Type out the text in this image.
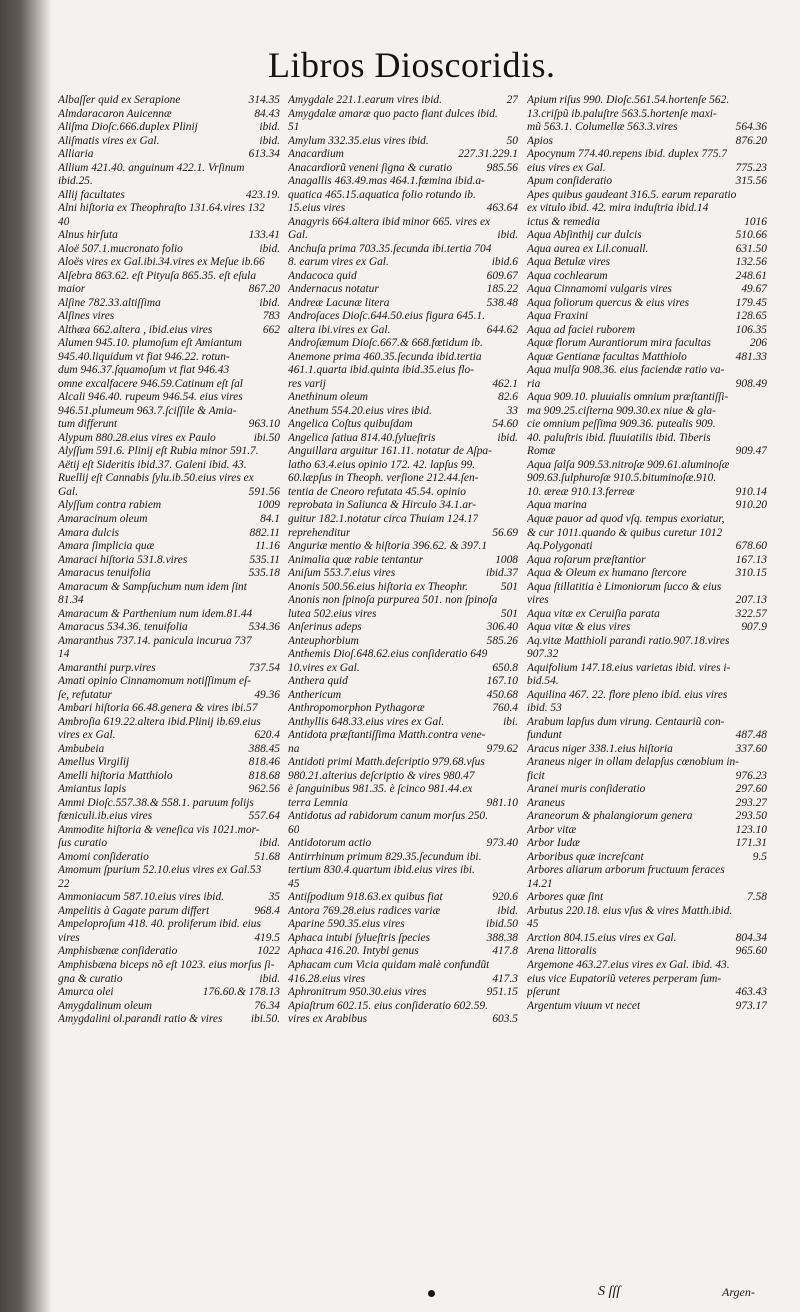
Libros Dioscoridis.
Albaſſer quid ex Serapione	314.35
Almdaracaron Auicennæ	84.43
Aliſma Dioſc.666.duplex Plinij	ibid.
Aliſmatis vires ex Gal.	ibid.
Alliaria	613.34
Allium 421.40. anguinum 422.1. Vrſinum
ibid.25.
Allij facultates	423.19.
Alni hiſtoria ex Theophraſto 131.64.vires 132
40
Alnus hirſuta	133.41
Aloë 507.1.mucronato folio	ibid.
Aloës vires ex Gal.ibi.34.vires ex Meſue ib.66
Alſebra 863.62. eſt Pityuſa 865.35. eſt eſula
maior	867.20
Alſine 782.33.altiſſima	ibid.
Alſines vires	783
Althæa 662.altera , ibid.eius vires	662
Alumen 945.10. plumoſum eſt Amiantum
945.40.liquidum vt fiat 946.22. rotun-
dum 946.37.ſquamoſum vt fiat 946.43
omne excalfacere 946.59.Catinum eſt ſal
Alcali 946.40. rupeum 946.54. eius vires
946.51.plumeum 963.7.ſciſſile & Amia-
tum differunt	963.10
Alypum 880.28.eius vires ex Paulo	ibi.50
Alyſſum 591.6. Plinij eſt Rubia minor 591.7.
Aëtij eſt Sideritis ibid.37. Galeni ibid. 43.
Ruellij eſt Cannabis ſylu.ib.50.eius vires ex
Gal.	591.56
Alyſſum contra rabiem	1009
Amaracinum oleum	84.1
Amara dulcis	882.11
Amara ſimplicia quæ	11.16
Amaraci hiſtoria 531.8.vires	535.11
Amaracus tenuifolia	535.18
Amaracum & Sampſuchum num idem ſint
81.34
Amaracum & Parthenium num idem.81.44
Amaracus 534.36. tenuifolia	534.36
Amaranthus 737.14. panicula incurua 737
14
Amaranthi purp.vires	737.54
Amati opinio Cinnamomum notiſſimum eſ-
ſe, refutatur	49.36
Ambari hiſtoria 66.48.genera & vires ibi.57
Ambroſia 619.22.altera ibid.Plinij ib.69.eius
vires ex Gal.	620.4
Ambubeia	388.45
Amellus Virgilij	818.46
Amelli hiſtoria Matthiolo	818.68
Amiantus lapis	962.56
Ammi Dioſc.557.38.& 558.1. paruum folijs
fœniculi.ib.eius vires	557.64
Ammodite hiſtoria & veneſica vis 1021.mor-
ſus curatio	ibid.
Amomi conſideratio	51.68
Amomum ſpurium 52.10.eius vires ex Gal.53
22
Ammoniacum 587.10.eius vires ibid.	35
Ampelitis à Gagate parum differt	968.4
Ampeloproſum 418. 40. proliferum ibid. eius
vires	419.5
Amphisbænæ conſideratio	1022
Amphisbæna biceps nõ eſt 1023. eius morſus ſi-
gna & curatio	ibid.
Amurca olei	176.60.& 178.13
Amygdalinum oleum	76.34
Amygdalini ol.parandi ratio & vires	ibi.50.
Amygdale 221.1.earum vires ibid.	27
Amygdalæ amaræ quo pacto fiant dulces ibid.
51
Amylum 332.35.eius vires ibid.	50
Anacardium	227.31.229.1
Anacardiorũ veneni ſigna & curatio	985.56
Anagallis 463.49.mas 464.1.fœmina ibid.a-
quatica 465.15.aquatica folio rotundo ib.
15.eius vires	463.64
Anagyris 664.altera ibid minor 665. vires ex
Gal.	ibid.
Anchuſa prima 703.35.ſecunda ibi.tertia 704
8. earum vires ex Gal.	ibid.6
Andacoca quid	609.67
Andernacus notatur	185.22
Andreæ Lacunæ litera	538.48
Androſaces Dioſc.644.50.eius figura 645.1.
altera ibi.vires ex Gal.	644.62
Androſæmum Dioſc.667.& 668.fœtidum ib.
Anemone prima 460.35.ſecunda ibid.tertia
461.1.quarta ibid.quinta ibid.35.eius flo-
res varij	462.1
Anethinum oleum	82.6
Anethum 554.20.eius vires ibid.	33
Angelica Coſtus quibuſdam	54.60
Angelica ſatiua 814.40.ſylueſtris	ibid.
Anguillara arguitur 161.11. notatur de Aſpa-
latho 63.4.eius opinio 172. 42. lapſus 99.
60.læpſus in Theoph. verſione 212.44.ſen-
tentia de Cneoro refutata 45.54. opinio
reprobata in Saliunca & Hirculo 34.1.ar-
guitur 182.1.notatur circa Thuiam 124.17
reprehenditur	56.69
Anguriæ mentio & hiſtoria 396.62. & 397.1
Animalia quæ rabie tentantur	1008
Aniſum 553.7.eius vires	ibid.37
Anonis 500.56.eius hiſtoria ex Theophr.	501
Anonis non ſpinoſa purpurea 501. non ſpinoſa
lutea 502.eius vires	501
Anſerinus adeps	306.40
Anteuphorbium	585.26
Anthemis Dioſ.648.62.eius conſideratio 649
10.vires ex Gal.	650.8
Anthera quid	167.10
Anthericum	450.68
Anthropomorphon Pythagoræ	760.4
Anthyllis 648.33.eius vires ex Gal.	ibi.
Antidota præſtantiſſima Matth.contra vene-
na	979.62
Antidoti primi Matth.deſcriptio 979.68.vſus
980.21.alterius deſcriptio & vires 980.47
è ſanguinibus 981.35. è ſcinco 981.44.ex
terra Lemnia	981.10
Antidotus ad rabidorum canum morſus 250.
60
Antidotorum actio	973.40
Antirrhinum primum 829.35.ſecundum ibi.
tertium 830.4.quartum ibid.eius vires ibi.
45
Antiſpodium 918.63.ex quibus fiat	920.6
Antora 769.28.eius radices variæ	ibid.
Aparine 590.35.eius vires	ibid.50
Aphaca intubi ſylueſtris ſpecies	388.38
Aphaca 416.20. Intybi genus	417.8
Aphacam cum Vicia quidam malè confundũt
416.28.eius vires	417.3
Aphronitrum 950.30.eius vires	951.15
Apiaſtrum 602.15. eius conſideratio 602.59.
vires ex Arabibus	603.5
Apium riſus 990. Dioſc.561.54.hortenſe 562.
13.criſpũ ib.paluſtre 563.5.hortenſe maxi-
mũ 563.1. Columellæ 563.3.vires	564.36
Apios	876.20
Apocynum 774.40.repens ibid. duplex 775.7
eius vires ex Gal.	775.23
Apum conſideratio	315.56
Apes quibus gaudeant 316.5. earum reparatio
ex vitulo ibid. 42. mira induſtria ibid.14
ictus & remedia	1016
Aqua Abſinthij cur dulcis	510.66
Aqua aurea ex Lil.conuall.	631.50
Aqua Betulæ vires	132.56
Aqua cochlearum	248.61
Aqua Cinnamomi vulgaris vires	49.67
Aqua foliorum quercus & eius vires	179.45
Aqua Fraxini	128.65
Aqua ad faciei ruborem	106.35
Aquæ florum Aurantiorum mira facultas	206
Aquæ Gentianæ facultas Matthiolo	481.33
Aqua mulſa 908.36. eius faciendæ ratio va-
ria	908.49
Aqua 909.10. pluuialis omnium præſtantiſſi-
ma 909.25.ciſterna 909.30.ex niue & gla-
cie omnium peſſima 909.36. putealis 909.
40. paluſtris ibid. fluuiatilis ibid. Tiberis
Romæ	909.47
Aqua ſalſa 909.53.nitroſæ 909.61.aluminoſæ
909.63.ſulphuroſæ 910.5.bituminoſæ.910.
10. æreæ 910.13.ferreæ	910.14
Aqua marina	910.20
Aquæ pauor ad quod vſq. tempus exoriatur,
& cur 1011.quando & quibus curetur 1012
Aq.Polygonati	678.60
Aqua roſarum præſtantior	167.13
Aqua & Oleum ex humano ſtercore	310.15
Aqua ſtillatitia è Limoniorum ſucco & eius
vires	207.13
Aqua vitæ ex Ceruiſia parata	322.57
Aqua vitæ & eius vires	907.9
Aq.vitæ Matthioli parandi ratio.907.18.vires
907.32
Aquifolium 147.18.eius varietas ibid. vires i-
bid.54.
Aquilina 467. 22. flore pleno ibid. eius vires
ibid. 53
Arabum lapſus dum virung. Centauriũ con-
fundunt	487.48
Aracus niger 338.1.eius hiſtoria	337.60
Araneus niger in ollam delapſus cœnobium in-
ficit	976.23
Aranei muris conſideratio	297.60
Araneus	293.27
Araneorum & phalangiorum genera	293.50
Arbor vitæ	123.10
Arbor Iudæ	171.31
Arboribus quæ increſcant	9.5
Arbores aliarum arborum fructuum feraces
14.21
Arbores quæ ſint	7.58
Arbutus 220.18. eius vſus & vires Matth.ibid.
45
Arction 804.15.eius vires ex Gal.	804.34
Arena littoralis	965.60
Argemone 463.27.eius vires ex Gal. ibid. 43.
eius vice Eupatoriũ veteres perperam ſum-
pſerunt	463.43
Argentum viuum vt necet	973.17
S ſſſ	Argen-
